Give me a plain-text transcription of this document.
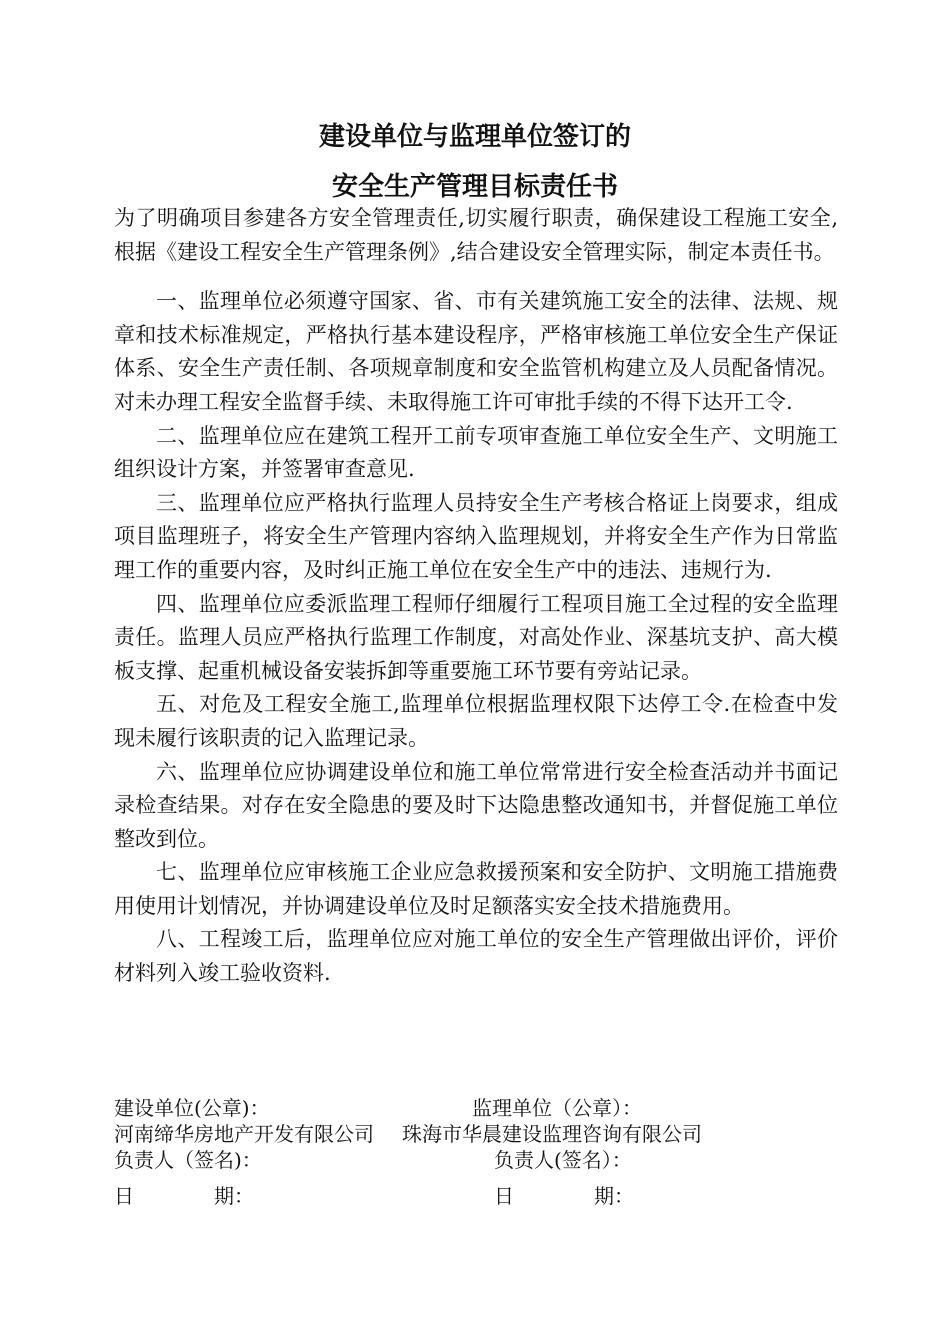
建设单位与监理单位签订的
安全生产管理目标责任书

为了明确项目参建各方安全管理责任,切实履行职责，确保建设工程施工安全,根据《建设工程安全生产管理条例》,结合建设安全管理实际，制定本责任书。

一、监理单位必须遵守国家、省、市有关建筑施工安全的法律、法规、规章和技术标准规定，严格执行基本建设程序，严格审核施工单位安全生产保证体系、安全生产责任制、各项规章制度和安全监管机构建立及人员配备情况。对未办理工程安全监督手续、未取得施工许可审批手续的不得下达开工令.

二、监理单位应在建筑工程开工前专项审查施工单位安全生产、文明施工组织设计方案，并签署审查意见.

三、监理单位应严格执行监理人员持安全生产考核合格证上岗要求，组成项目监理班子，将安全生产管理内容纳入监理规划，并将安全生产作为日常监理工作的重要内容，及时纠正施工单位在安全生产中的违法、违规行为.

四、监理单位应委派监理工程师仔细履行工程项目施工全过程的安全监理责任。监理人员应严格执行监理工作制度，对高处作业、深基坑支护、高大模板支撑、起重机械设备安装拆卸等重要施工环节要有旁站记录。

五、对危及工程安全施工,监理单位根据监理权限下达停工令.在检查中发现未履行该职责的记入监理记录。

六、监理单位应协调建设单位和施工单位常常进行安全检查活动并书面记录检查结果。对存在安全隐患的要及时下达隐患整改通知书，并督促施工单位整改到位。

七、监理单位应审核施工企业应急救援预案和安全防护、文明施工措施费用使用计划情况，并协调建设单位及时足额落实安全技术措施费用。

八、工程竣工后，监理单位应对施工单位的安全生产管理做出评价，评价材料列入竣工验收资料.

建设单位(公章)：	监理单位（公章）：

河南缔华房地产开发有限公司 珠海市华晨建设监理咨询有限公司

负责人（签名)：	负责人(签名）：

日　　　　期：	日　　　　期：
